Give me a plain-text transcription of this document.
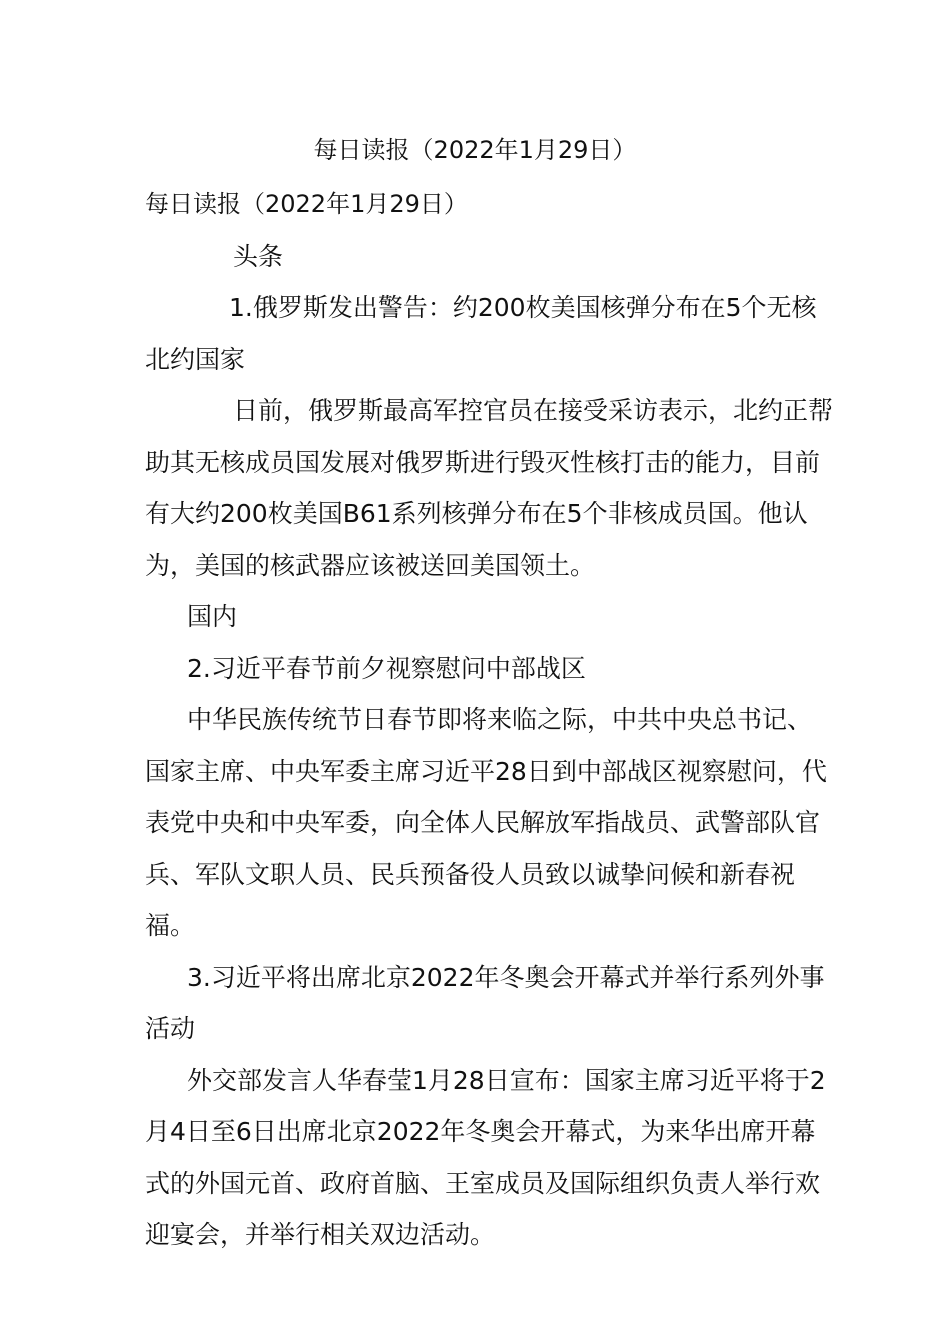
每日读报（2022年1月29日）

每日读报（2022年1月29日）

头条

1.俄罗斯发出警告：约200枚美国核弹分布在5个无核北约国家

日前，俄罗斯最高军控官员在接受采访表示，北约正帮助其无核成员国发展对俄罗斯进行毁灭性核打击的能力，目前有大约200枚美国B61系列核弹分布在5个非核成员国。他认为，美国的核武器应该被送回美国领土。

国内

2.习近平春节前夕视察慰问中部战区

中华民族传统节日春节即将来临之际，中共中央总书记、国家主席、中央军委主席习近平28日到中部战区视察慰问，代表党中央和中央军委，向全体人民解放军指战员、武警部队官兵、军队文职人员、民兵预备役人员致以诚挚问候和新春祝福。

3.习近平将出席北京2022年冬奥会开幕式并举行系列外事活动

外交部发言人华春莹1月28日宣布：国家主席习近平将于2月4日至6日出席北京2022年冬奥会开幕式，为来华出席开幕式的外国元首、政府首脑、王室成员及国际组织负责人举行欢迎宴会，并举行相关双边活动。
